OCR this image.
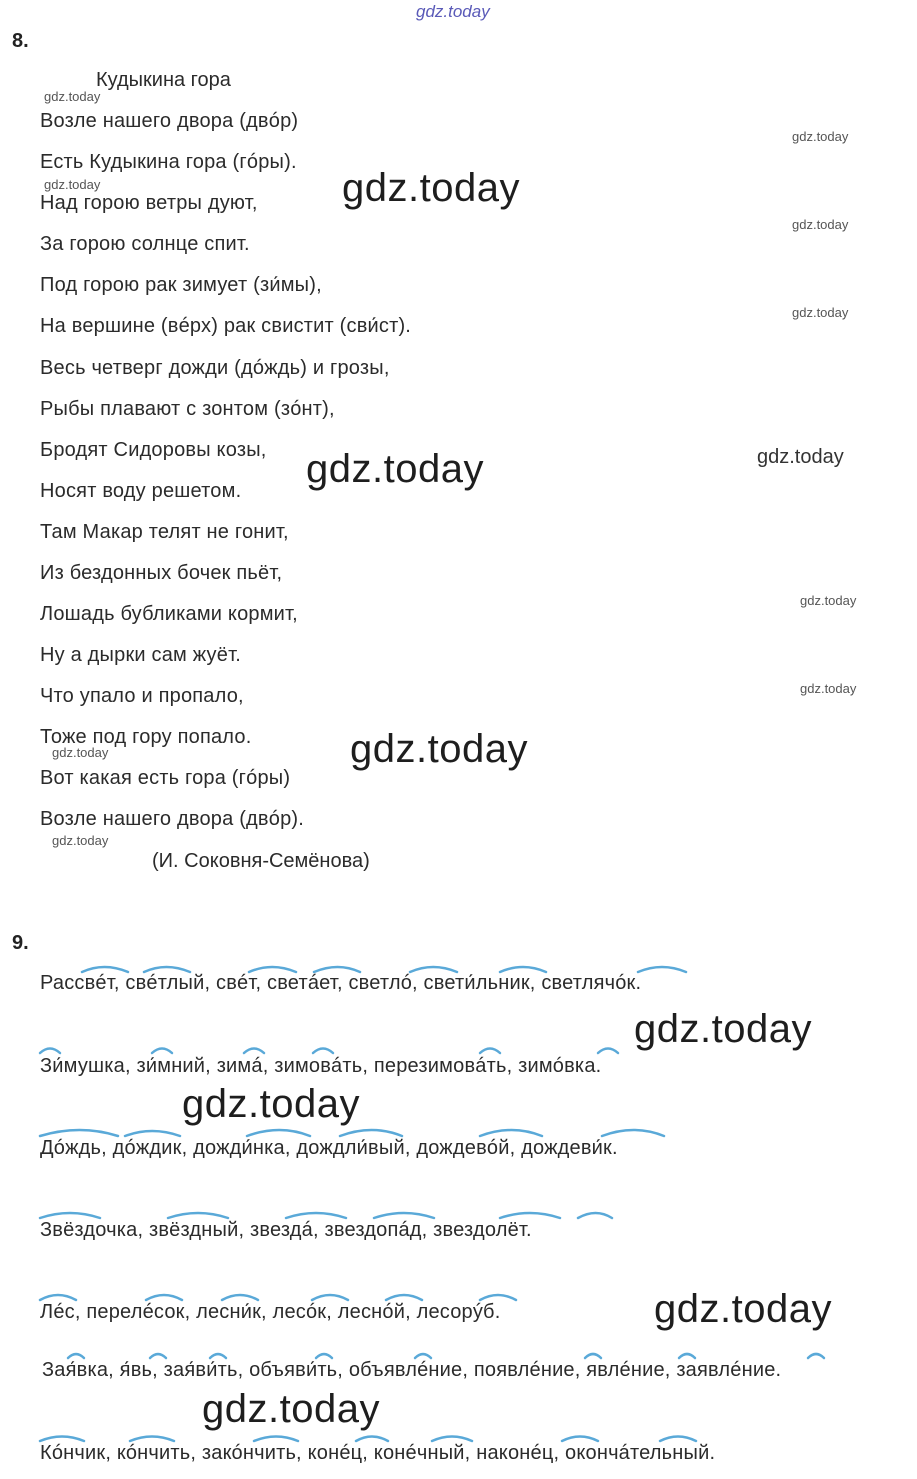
gdz.today
8.
Кудыкина гора
Возле нашего двора (двóр)
Есть Кудыкина гора (гóры).
Над горою ветры дуют,
За горою солнце спит.
Под горою рак зимует (зи́мы),
На вершине (вéрх) рак свистит (сви́ст).
Весь четверг дожди (дóждь) и грозы,
Рыбы плавают с зонтом (зóнт),
Бродят Сидоровы козы,
Носят воду решетом.
Там Макар телят не гонит,
Из бездонных бочек пьёт,
Лошадь бубликами кормит,
Ну а дырки сам жуёт.
Что упало и пропало,
Тоже под гору попало.
Вот какая есть гора (гóры)
Возле нашего двора (двóр).
(И. Соковня-Семёнова)
9.
Рассвéт, свéтлый, свéт, светáет, светлó, свети́льник, светлячóк.
Зи́мушка, зи́мний, зимá, зимовáть, перезимовáть, зимóвка.
Дóждь, дóждик, дожди́нка, дождли́вый, дождевóй, дождеви́к.
Звёздочка, звёздный, звездá, звездопáд, звездолёт.
Лéс, перелéсок, лесни́к, лесóк, леснóй, лесорýб.
Зая́вка, я́вь, зая́ви́ть, объяви́ть, объявлéние, появлéние, явлéние, заявлéние.
Кóнчик, кóнчить, закóнчить, конéц, конéчный, наконéц, окончáтельный.
gdz.today
gdz.today
gdz.today
gdz.today
gdz.today
gdz.today
gdz.today
gdz.today
gdz.today
gdz.today
gdz.today
gdz.today
gdz.today
gdz.today
gdz.today
gdz.today
gdz.today
